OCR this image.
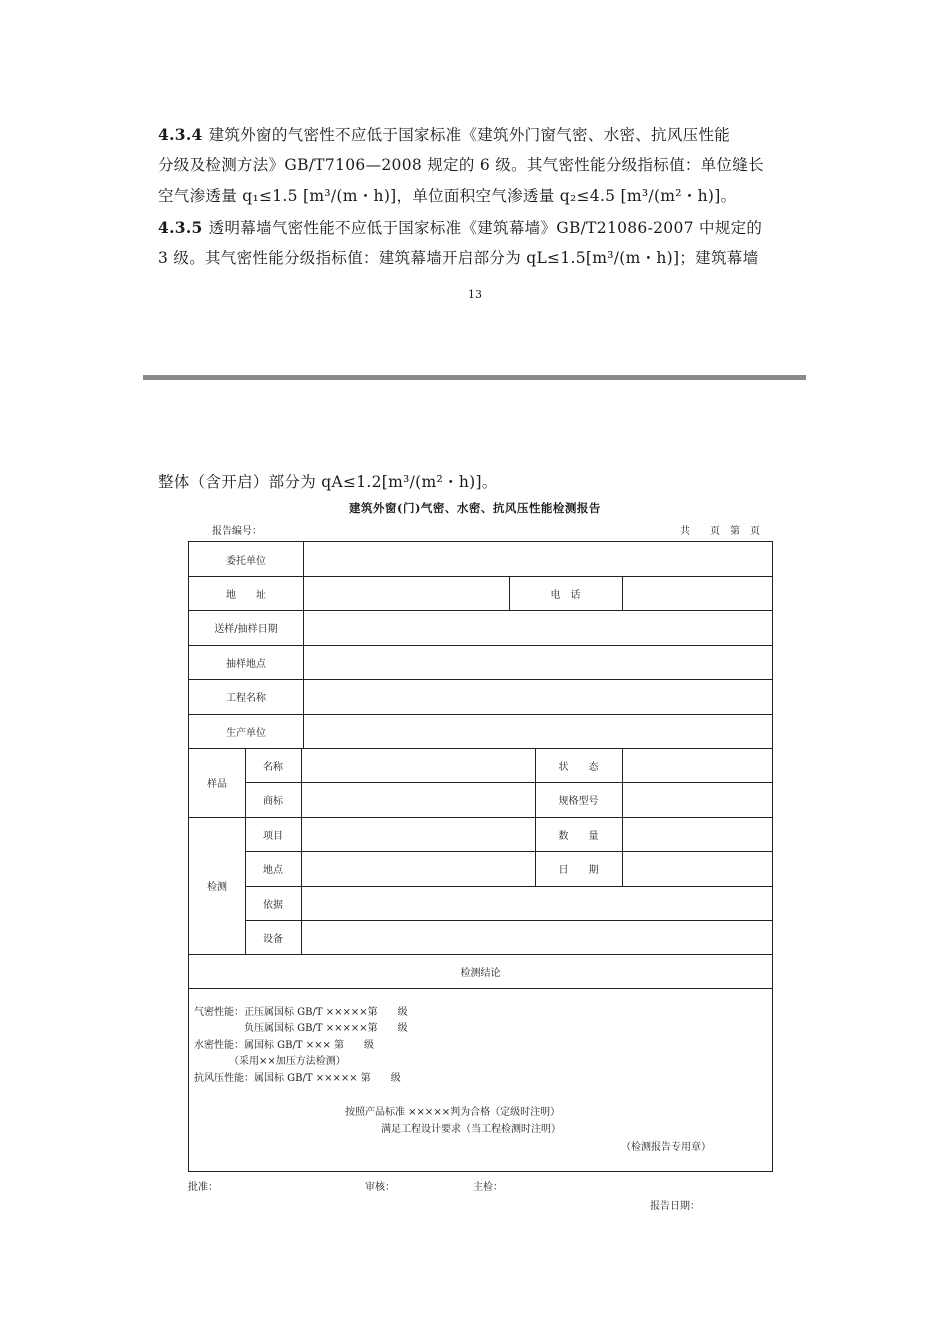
4.3.4 建筑外窗的气密性不应低于国家标准《建筑外门窗气密、水密、抗风压性能
分级及检测方法》GB/T7106—2008 规定的 6 级。其气密性能分级指标值：单位缝长
空气渗透量 q₁≤1.5 [m³/(m・h)]，单位面积空气渗透量 q₂≤4.5 [m³/(m²・h)]。
4.3.5 透明幕墙气密性能不应低于国家标准《建筑幕墙》GB/T21086-2007 中规定的
3 级。其气密性能分级指标值：建筑幕墙开启部分为 qL≤1.5[m³/(m・h)]；建筑幕墙
13
整体（含开启）部分为 qA≤1.2[m³/(m²・h)]。
建筑外窗(门)气密、水密、抗风压性能检测报告
报告编号：	共　　页　第　页
委托单位
地　　址	电　话
送样/抽样日期
抽样地点
工程名称
生产单位
样品
名称	状　　态
商标	规格型号
检测
项目	数　　量
地点	日　　期
依据
设备
检测结论
气密性能：正压属国标 GB/T ×××××第　　级
　　　　　负压属国标 GB/T ×××××第　　级
水密性能：属国标 GB/T ××× 第　　级
　　　　（采用××加压方法检测）
抗风压性能：属国标 GB/T ××××× 第　　级
按照产品标准 ×××××判为合格（定级时注明）
满足工程设计要求（当工程检测时注明）
（检测报告专用章）
批准：	审核：	主检：
报告日期：
